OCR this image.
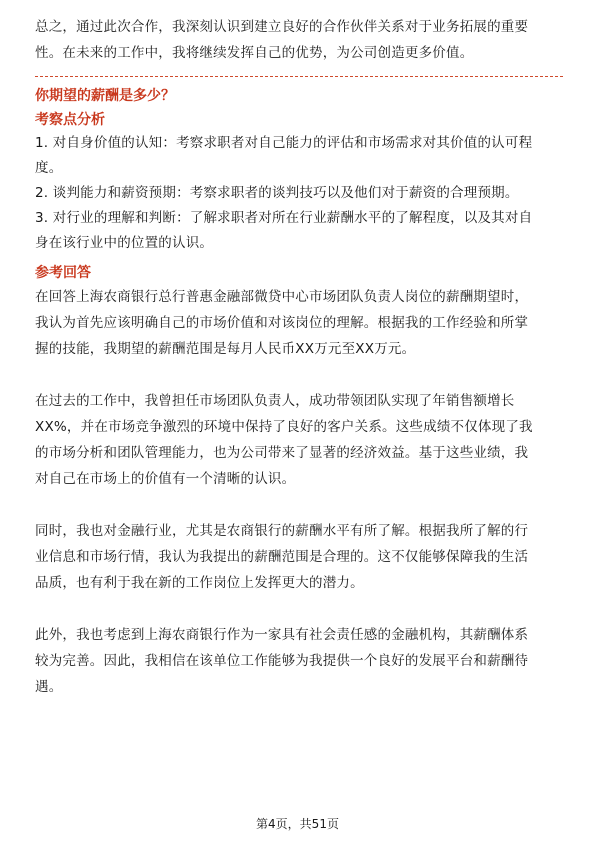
总之，通过此次合作，我深刻认识到建立良好的合作伙伴关系对于业务拓展的重要
性。在未来的工作中，我将继续发挥自己的优势，为公司创造更多价值。

你期望的薪酬是多少？
考察点分析

1. 对自身价值的认知：考察求职者对自己能力的评估和市场需求对其价值的认可程
度。

2. 谈判能力和薪资预期：考察求职者的谈判技巧以及他们对于薪资的合理预期。

3. 对行业的理解和判断：了解求职者对所在行业薪酬水平的了解程度，以及其对自
身在该行业中的位置的认识。

参考回答

在回答上海农商银行总行普惠金融部微贷中心市场团队负责人岗位的薪酬期望时，
我认为首先应该明确自己的市场价值和对该岗位的理解。根据我的工作经验和所掌
握的技能，我期望的薪酬范围是每月人民币XX万元至XX万元。

在过去的工作中，我曾担任市场团队负责人，成功带领团队实现了年销售额增长
XX%，并在市场竞争激烈的环境中保持了良好的客户关系。这些成绩不仅体现了我
的市场分析和团队管理能力，也为公司带来了显著的经济效益。基于这些业绩，我
对自己在市场上的价值有一个清晰的认识。

同时，我也对金融行业，尤其是农商银行的薪酬水平有所了解。根据我所了解的行
业信息和市场行情，我认为我提出的薪酬范围是合理的。这不仅能够保障我的生活
品质，也有利于我在新的工作岗位上发挥更大的潜力。

此外，我也考虑到上海农商银行作为一家具有社会责任感的金融机构，其薪酬体系
较为完善。因此，我相信在该单位工作能够为我提供一个良好的发展平台和薪酬待
遇。

第4页，共51页
